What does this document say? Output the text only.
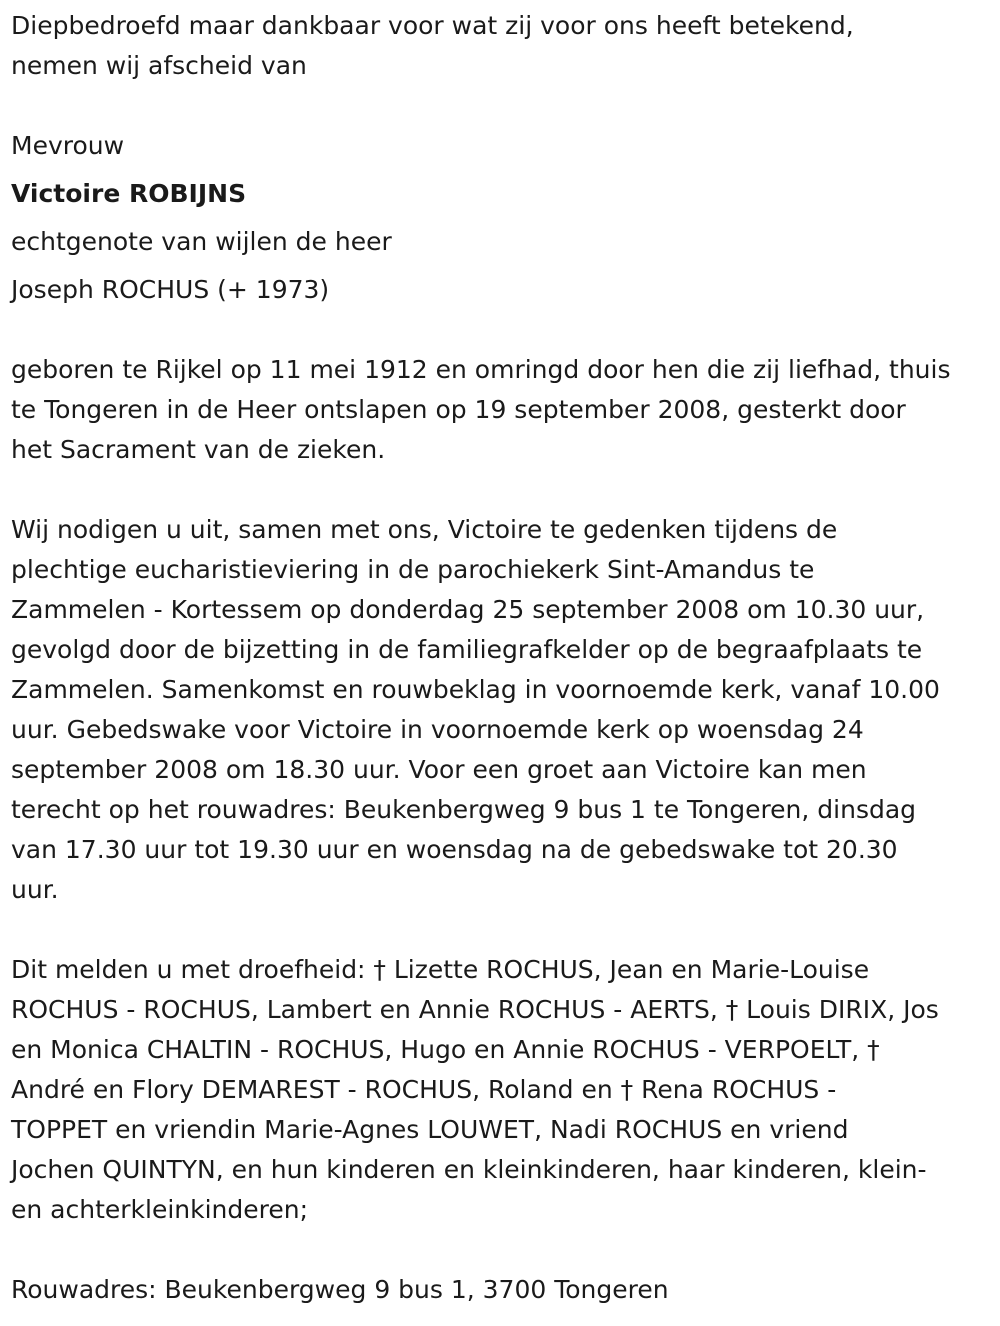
Diepbedroefd maar dankbaar voor wat zij voor ons heeft betekend,
nemen wij afscheid van
Mevrouw
Victoire ROBIJNS
echtgenote van wijlen de heer
Joseph ROCHUS (+ 1973)
geboren te Rijkel op 11 mei 1912 en omringd door hen die zij liefhad, thuis
te Tongeren in de Heer ontslapen op 19 september 2008, gesterkt door
het Sacrament van de zieken.
Wij nodigen u uit, samen met ons, Victoire te gedenken tijdens de
plechtige eucharistieviering in de parochiekerk Sint-Amandus te
Zammelen - Kortessem op donderdag 25 september 2008 om 10.30 uur,
gevolgd door de bijzetting in de familiegrafkelder op de begraafplaats te
Zammelen. Samenkomst en rouwbeklag in voornoemde kerk, vanaf 10.00
uur. Gebedswake voor Victoire in voornoemde kerk op woensdag 24
september 2008 om 18.30 uur. Voor een groet aan Victoire kan men
terecht op het rouwadres: Beukenbergweg 9 bus 1 te Tongeren, dinsdag
van 17.30 uur tot 19.30 uur en woensdag na de gebedswake tot 20.30
uur.
Dit melden u met droefheid: † Lizette ROCHUS, Jean en Marie-Louise
ROCHUS - ROCHUS, Lambert en Annie ROCHUS - AERTS, † Louis DIRIX, Jos
en Monica CHALTIN - ROCHUS, Hugo en Annie ROCHUS - VERPOELT, †
André en Flory DEMAREST - ROCHUS, Roland en † Rena ROCHUS -
TOPPET en vriendin Marie-Agnes LOUWET, Nadi ROCHUS en vriend
Jochen QUINTYN, en hun kinderen en kleinkinderen, haar kinderen, klein-
en achterkleinkinderen;
Rouwadres: Beukenbergweg 9 bus 1, 3700 Tongeren
